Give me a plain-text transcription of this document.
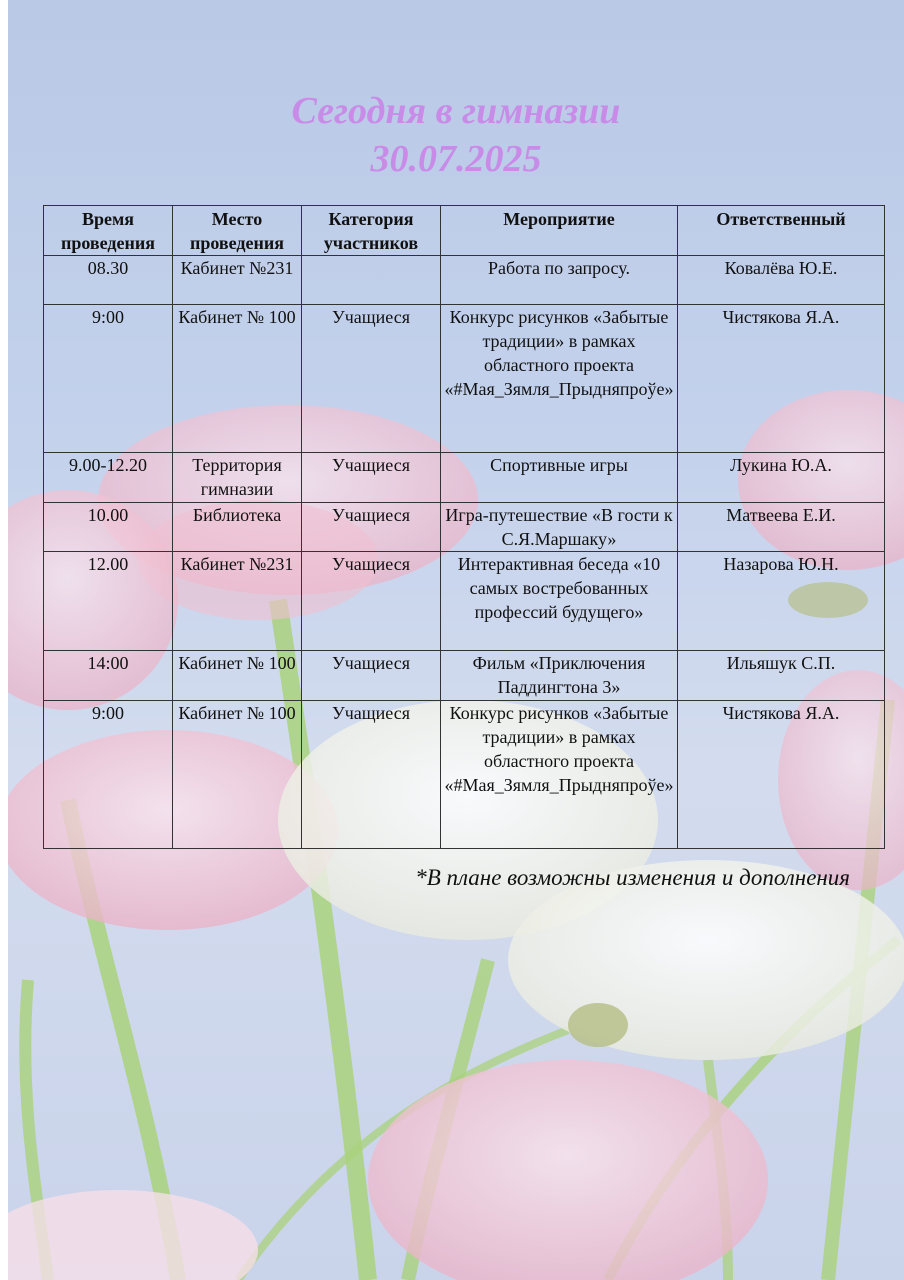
Сегодня в гимназии
30.07.2025
Время проведения	Место проведения	Категория участников	Мероприятие	Ответственный
08.30	Кабинет №231		Работа по запросу.	Ковалёва Ю.Е.
9:00	Кабинет № 100	Учащиеся	Конкурс рисунков «Забытые традиции» в рамках областного проекта «#Мая_Зямля_Прыдняпроўе»	Чистякова Я.А.
9.00-12.20	Территория гимназии	Учащиеся	Спортивные игры	Лукина Ю.А.
10.00	Библиотека	Учащиеся	Игра-путешествие «В гости к С.Я.Маршаку»	Матвеева Е.И.
12.00	Кабинет №231	Учащиеся	Интерактивная беседа «10 самых востребованных профессий будущего»	Назарова Ю.Н.
14:00	Кабинет № 100	Учащиеся	Фильм «Приключения Паддингтона 3»	Ильяшук С.П.
9:00	Кабинет № 100	Учащиеся	Конкурс рисунков «Забытые традиции» в рамках областного проекта «#Мая_Зямля_Прыдняпроўе»	Чистякова Я.А.

*В плане возможны изменения и дополнения
